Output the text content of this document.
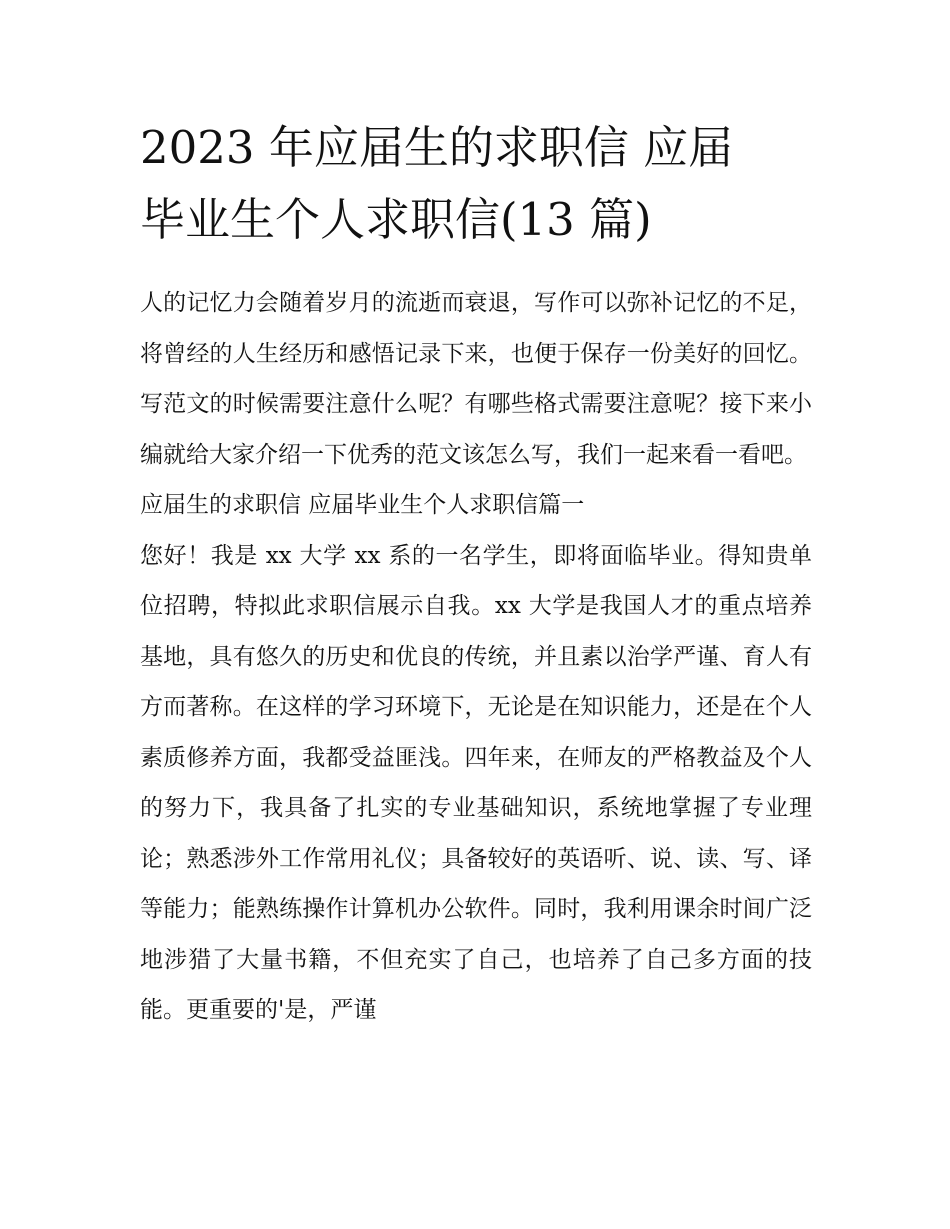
2023 年应届生的求职信 应届
毕业生个人求职信(13 篇)

人的记忆力会随着岁月的流逝而衰退，写作可以弥补记忆的不足，将曾经的人生经历和感悟记录下来，也便于保存一份美好的回忆。写范文的时候需要注意什么呢？有哪些格式需要注意呢？接下来小编就给大家介绍一下优秀的范文该怎么写，我们一起来看一看吧。

应届生的求职信 应届毕业生个人求职信篇一

您好！我是 xx 大学 xx 系的一名学生，即将面临毕业。得知贵单位招聘，特拟此求职信展示自我。xx 大学是我国人才的重点培养基地，具有悠久的历史和优良的传统，并且素以治学严谨、育人有方而著称。在这样的学习环境下，无论是在知识能力，还是在个人素质修养方面，我都受益匪浅。四年来，在师友的严格教益及个人的努力下，我具备了扎实的专业基础知识，系统地掌握了专业理论；熟悉涉外工作常用礼仪；具备较好的英语听、说、读、写、译等能力；能熟练操作计算机办公软件。同时，我利用课余时间广泛地涉猎了大量书籍，不但充实了自己，也培养了自己多方面的技能。更重要的'是，严谨
